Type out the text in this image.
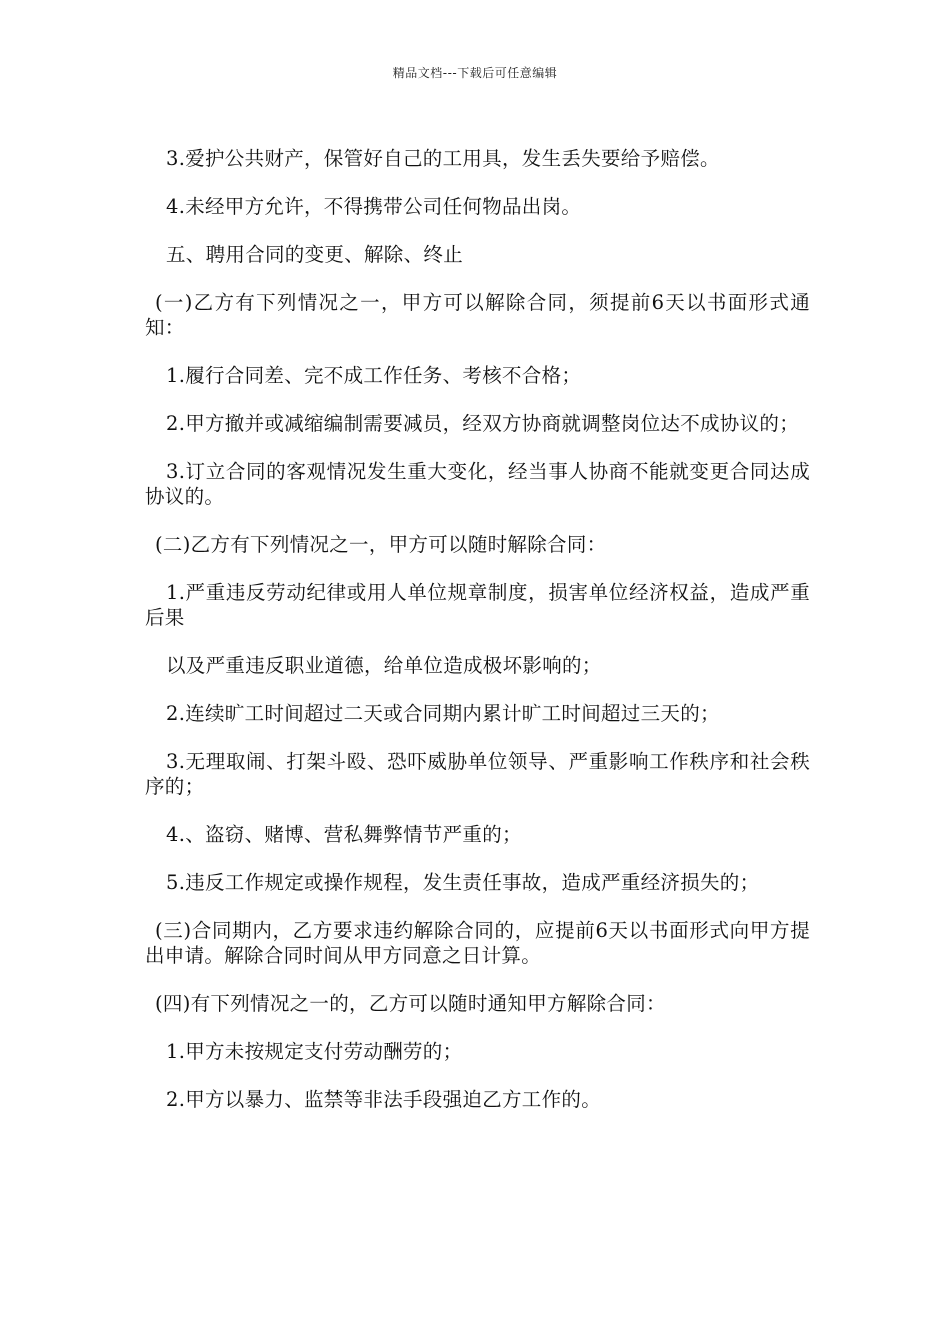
精品文档---下载后可任意编辑

3.爱护公共财产，保管好自己的工用具，发生丢失要给予赔偿。

4.未经甲方允许，不得携带公司任何物品出岗。

五、聘用合同的变更、解除、终止

(一)乙方有下列情况之一，甲方可以解除合同，须提前6天以书面形式通知：

1.履行合同差、完不成工作任务、考核不合格；

2.甲方撤并或减缩编制需要减员，经双方协商就调整岗位达不成协议的；

3.订立合同的客观情况发生重大变化，经当事人协商不能就变更合同达成协议的。

(二)乙方有下列情况之一，甲方可以随时解除合同：

1.严重违反劳动纪律或用人单位规章制度，损害单位经济权益，造成严重后果

以及严重违反职业道德，给单位造成极坏影响的；

2.连续旷工时间超过二天或合同期内累计旷工时间超过三天的；

3.无理取闹、打架斗殴、恐吓威胁单位领导、严重影响工作秩序和社会秩序的；

4.、盗窃、赌博、营私舞弊情节严重的；

5.违反工作规定或操作规程，发生责任事故，造成严重经济损失的；

(三)合同期内，乙方要求违约解除合同的，应提前6天以书面形式向甲方提出申请。解除合同时间从甲方同意之日计算。

(四)有下列情况之一的，乙方可以随时通知甲方解除合同：

1.甲方未按规定支付劳动酬劳的；

2.甲方以暴力、监禁等非法手段强迫乙方工作的。
